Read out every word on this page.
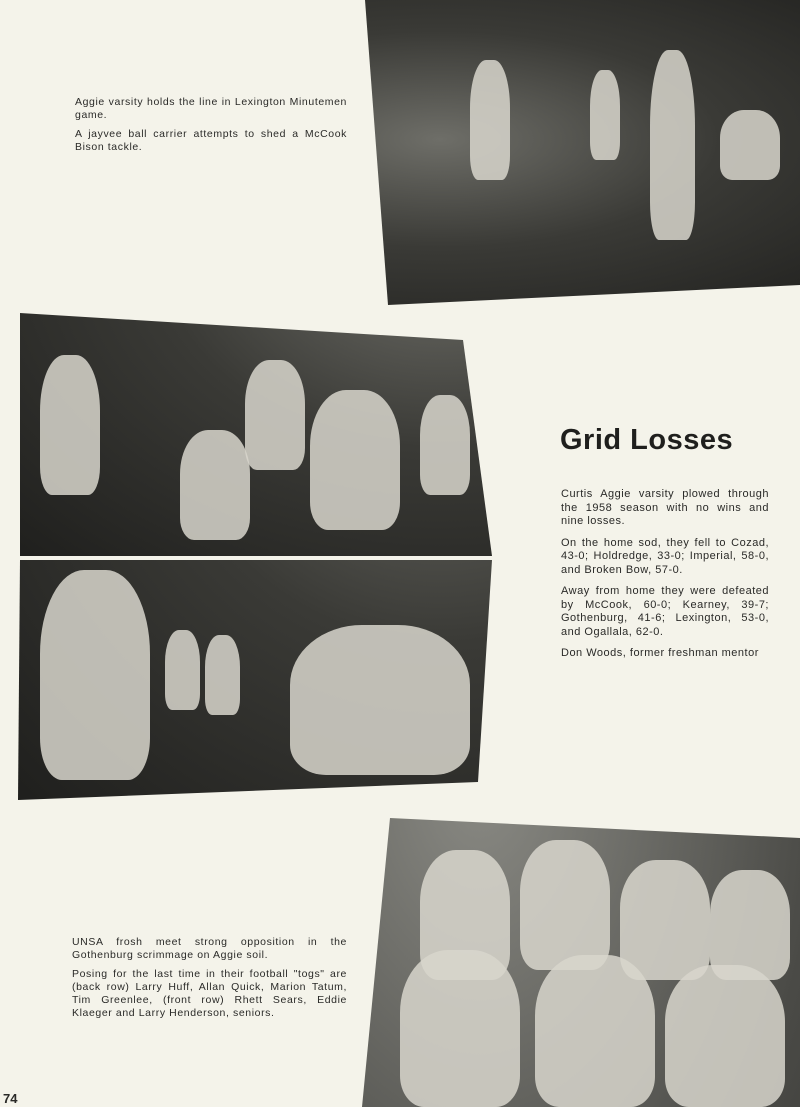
Aggie varsity holds the line in Lexington Minutemen game.

A jayvee ball carrier attempts to shed a McCook Bison tackle.

Grid Losses

Curtis Aggie varsity plowed through the 1958 season with no wins and nine losses.

On the home sod, they fell to Cozad, 43-0; Holdredge, 33-0; Imperial, 58-0, and Broken Bow, 57-0.

Away from home they were defeated by McCook, 60-0; Kearney, 39-7; Gothenburg, 41-6; Lexington, 53-0, and Ogallala, 62-0.

Don Woods, former freshman mentor

UNSA frosh meet strong opposition in the Gothenburg scrimmage on Aggie soil.

Posing for the last time in their football "togs" are (back row) Larry Huff, Allan Quick, Marion Tatum, Tim Greenlee, (front row) Rhett Sears, Eddie Klaeger and Larry Henderson, seniors.

74
